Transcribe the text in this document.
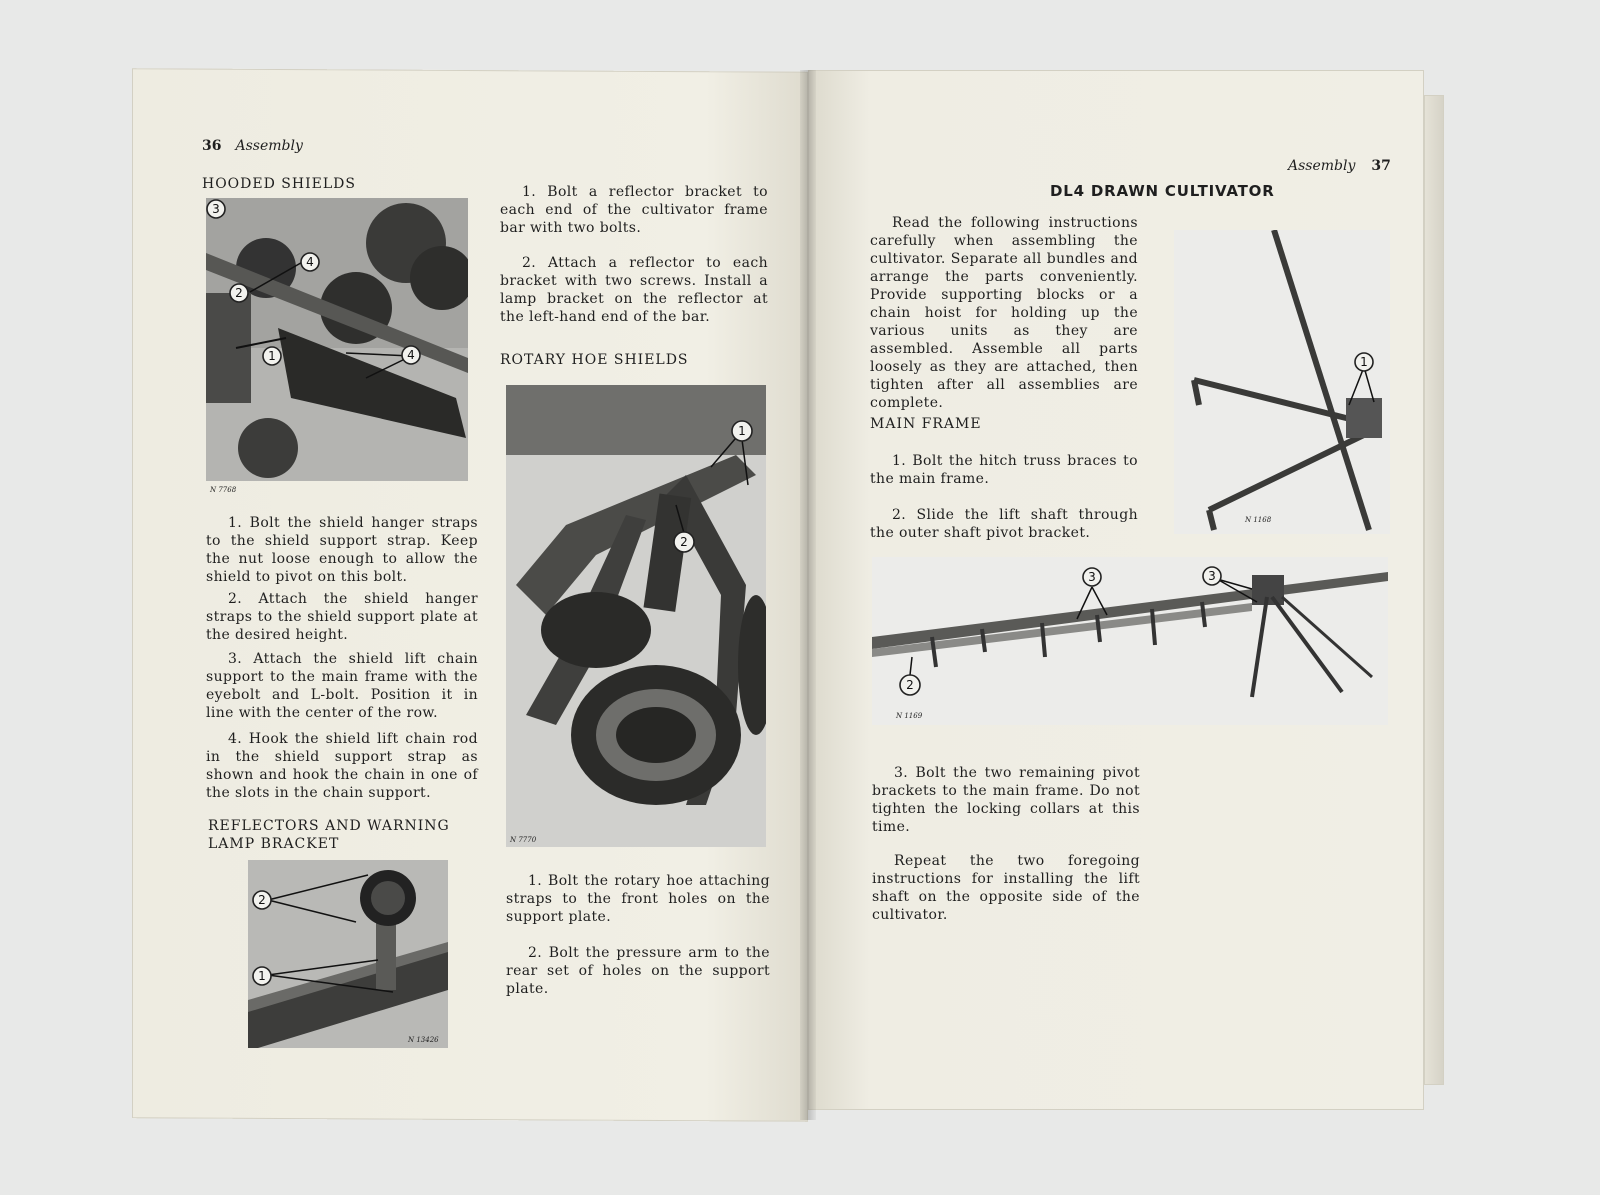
36 Assembly
HOODED SHIELDS
3
4
2
4
1
N 7768
1. Bolt the shield hanger straps to the shield support strap. Keep the nut loose enough to allow the shield to pivot on this bolt.
2. Attach the shield hanger straps to the shield support plate at the desired height.
3. Attach the shield lift chain support to the main frame with the eyebolt and L-bolt. Position it in line with the center of the row.
4. Hook the shield lift chain rod in the shield support strap as shown and hook the chain in one of the slots in the chain support.
REFLECTORS AND WARNING
LAMP BRACKET
2
1
N 13426
1. Bolt a reflector bracket to each end of the cultivator frame bar with two bolts.
2. Attach a reflector to each bracket with two screws. Install a lamp bracket on the reflector at the left-hand end of the bar.
ROTARY HOE SHIELDS
1
2
N 7770
1. Bolt the rotary hoe attaching straps to the front holes on the support plate.
2. Bolt the pressure arm to the rear set of holes on the support plate.
Assembly 37
DL4 DRAWN CULTIVATOR
Read the following instructions carefully when assembling the cultivator. Separate all bundles and arrange the parts conveniently. Provide supporting blocks or a chain hoist for holding up the various units as they are assembled. Assemble all parts loosely as they are attached, then tighten after all assemblies are complete.
MAIN FRAME
1. Bolt the hitch truss braces to the main frame.
2. Slide the lift shaft through the outer shaft pivot bracket.
1
N 1168
3	3
2
N 1169
3. Bolt the two remaining pivot brackets to the main frame. Do not tighten the locking collars at this time.
Repeat the two foregoing instructions for installing the lift shaft on the opposite side of the cultivator.
